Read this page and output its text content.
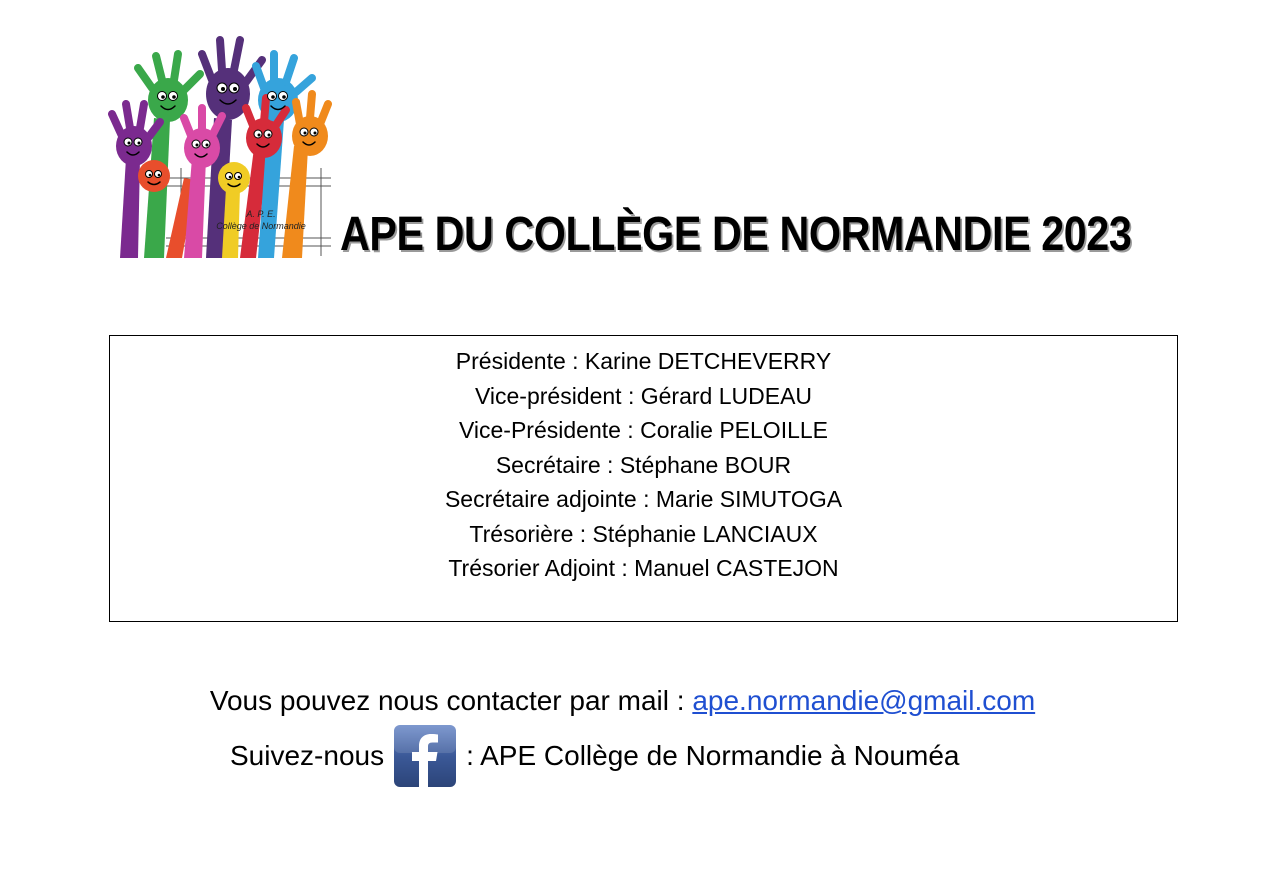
A. P. E.
Collège de Normandie APE DU COLLÈGE DE NORMANDIE 2023
Présidente : Karine DETCHEVERRY
Vice-président : Gérard LUDEAU
Vice-Présidente : Coralie PELOILLE
Secrétaire : Stéphane BOUR
Secrétaire adjointe : Marie SIMUTOGA
Trésorière : Stéphanie LANCIAUX
Trésorier Adjoint : Manuel CASTEJON
Vous pouvez nous contacter par mail : ape.normandie@gmail.com
Suivez-nous	: APE Collège de Normandie à Nouméa
